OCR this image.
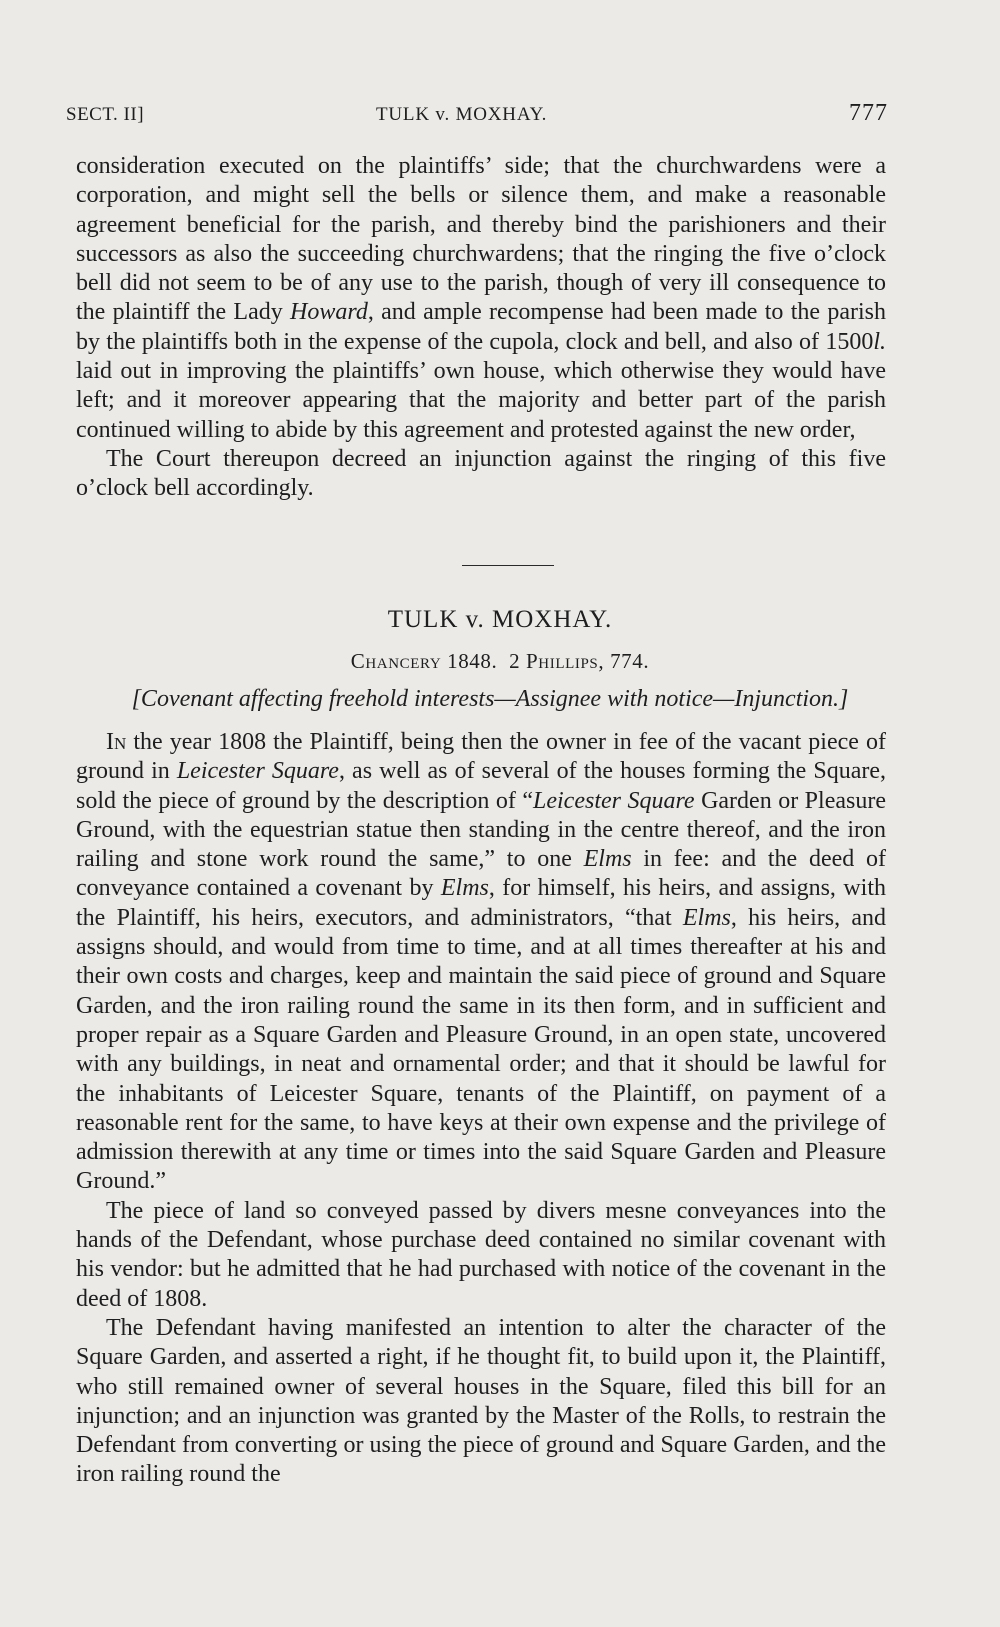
SECT. II]	TULK v. MOXHAY.	777

consideration executed on the plaintiffs’ side; that the churchwardens were a corporation, and might sell the bells or silence them, and make a reasonable agreement beneficial for the parish, and thereby bind the parishioners and their successors as also the succeeding churchwardens; that the ringing the five o’clock bell did not seem to be of any use to the parish, though of very ill consequence to the plaintiff the Lady Howard, and ample recompense had been made to the parish by the plaintiffs both in the expense of the cupola, clock and bell, and also of 1500l. laid out in improving the plaintiffs’ own house, which otherwise they would have left; and it moreover appearing that the majority and better part of the parish continued willing to abide by this agreement and protested against the new order,

The Court thereupon decreed an injunction against the ringing of this five o’clock bell accordingly.

TULK v. MOXHAY.
Chancery 1848. 2 Phillips, 774.
[Covenant affecting freehold interests—Assignee with notice—Injunction.]

In the year 1808 the Plaintiff, being then the owner in fee of the vacant piece of ground in Leicester Square, as well as of several of the houses forming the Square, sold the piece of ground by the description of “Leicester Square Garden or Pleasure Ground, with the equestrian statue then standing in the centre thereof, and the iron railing and stone work round the same,” to one Elms in fee: and the deed of conveyance contained a covenant by Elms, for himself, his heirs, and assigns, with the Plaintiff, his heirs, executors, and administrators, “that Elms, his heirs, and assigns should, and would from time to time, and at all times thereafter at his and their own costs and charges, keep and maintain the said piece of ground and Square Garden, and the iron railing round the same in its then form, and in sufficient and proper repair as a Square Garden and Pleasure Ground, in an open state, uncovered with any buildings, in neat and ornamental order; and that it should be lawful for the inhabitants of Leicester Square, tenants of the Plaintiff, on payment of a reasonable rent for the same, to have keys at their own expense and the privilege of admission therewith at any time or times into the said Square Garden and Pleasure Ground.”

The piece of land so conveyed passed by divers mesne conveyances into the hands of the Defendant, whose purchase deed contained no similar covenant with his vendor: but he admitted that he had purchased with notice of the covenant in the deed of 1808.

The Defendant having manifested an intention to alter the character of the Square Garden, and asserted a right, if he thought fit, to build upon it, the Plaintiff, who still remained owner of several houses in the Square, filed this bill for an injunction; and an injunction was granted by the Master of the Rolls, to restrain the Defendant from converting or using the piece of ground and Square Garden, and the iron railing round the
